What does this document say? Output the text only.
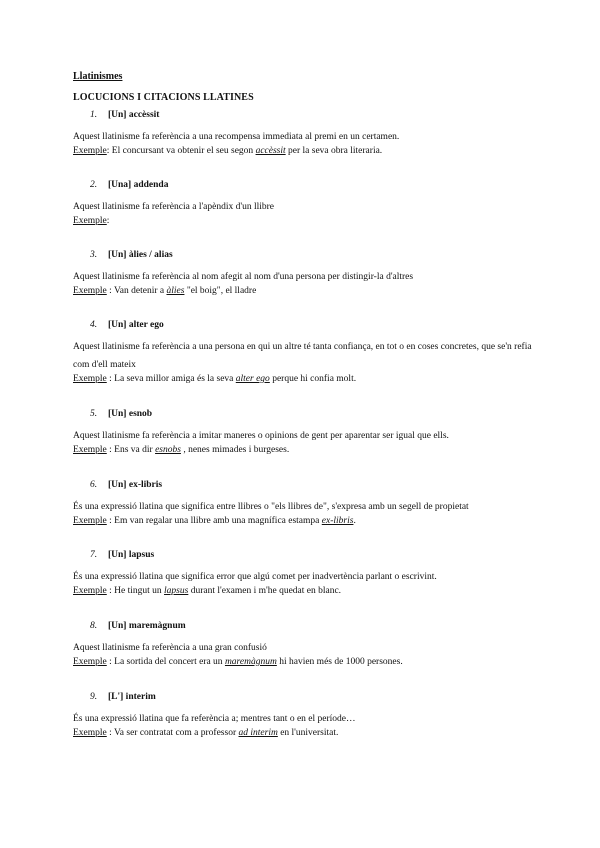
Llatinismes
LOCUCIONS I CITACIONS LLATINES
1. [Un] accèssit
Aquest llatinisme fa referència a una recompensa immediata al premi en un certamen.
Exemple: El concursant va obtenir el seu segon accèssit per la seva obra literaria.
2. [Una] addenda
Aquest llatinisme fa referència a l'apèndix d'un llibre
Exemple:
3. [Un] àlies / alias
Aquest llatinisme fa referència al nom afegit al nom d'una persona per distingir-la d'altres
Exemple : Van detenir a àlies "el boig", el lladre
4. [Un] alter ego
Aquest llatinisme fa referència a una persona en qui un altre té tanta confiança, en tot o en coses concretes, que se'n refia com d'ell mateix
Exemple : La seva millor amiga és la seva alter ego perque hi confia molt.
5. [Un] esnob
Aquest llatinisme fa referència a imitar maneres o opinions de gent per aparentar ser igual que ells.
Exemple : Ens va dir esnobs , nenes mimades i burgeses.
6. [Un] ex-libris
És una expressió llatina que significa entre llibres o "els llibres de", s'expresa amb un segell de propietat
Exemple : Em van regalar una llibre amb una magnífica estampa ex-libris.
7. [Un] lapsus
És una expressió llatina que significa error que algú comet per inadvertència parlant o escrivint.
Exemple : He tingut un lapsus durant l'examen i m'he quedat en blanc.
8. [Un] maremàgnum
Aquest llatinisme fa referència a una gran confusió
Exemple : La sortida del concert era un maremàgnum hi havien més de 1000 persones.
9. [L'] interim
És una expressió llatina que fa referència a; mentres tant o en el període…
Exemple : Va ser contratat com a professor ad interim en l'universitat.
